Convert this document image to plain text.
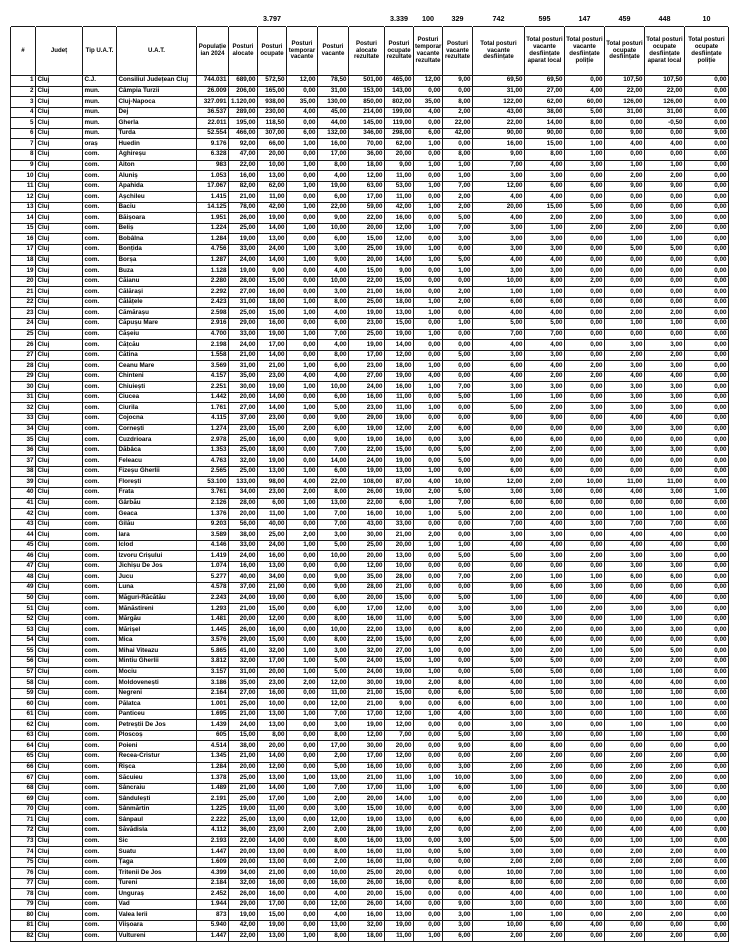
						3.797				3.339	100	329	742	595	147	459	448	10
#	Județ	Tip U.A.T.	U.A.T.	Populație ian 2024	Posturi alocate	Posturi ocupate	Posturi temporar vacante	Posturi vacante	Posturi alocate rezultate	Posturi ocupate rezultate	Posturi temporar vacante rezultate	Posturi vacante rezultate	Total posturi vacante desființate	Total posturi vacante desființate aparat local	Total posturi vacante desființate poliție	Total posturi ocupate desființate	Total posturi ocupate desființate aparat local	Total posturi ocupate desființate poliție
1	Cluj	C.J.	Consiliul Județean Cluj	744.031	689,00	572,50	12,00	78,50	501,00	465,00	12,00	9,00	69,50	69,50	0,00	107,50	107,50	0,00
2	Cluj	mun.	Câmpia Turzii	26.009	206,00	165,00	0,00	31,00	153,00	143,00	0,00	0,00	31,00	27,00	4,00	22,00	22,00	0,00
3	Cluj	mun.	Cluj-Napoca	327.091	1.120,00	938,00	35,00	130,00	850,00	802,00	35,00	8,00	122,00	62,00	60,00	126,00	126,00	0,00
4	Cluj	mun.	Dej	36.537	289,00	230,00	4,00	45,00	214,00	199,00	4,00	2,00	43,00	38,00	5,00	31,00	31,00	0,00
5	Cluj	mun.	Gherla	22.011	195,00	118,50	0,00	44,00	145,00	119,00	0,00	22,00	22,00	14,00	8,00	0,00	-0,50	0,00
6	Cluj	mun.	Turda	52.554	466,00	307,00	6,00	132,00	346,00	298,00	6,00	42,00	90,00	90,00	0,00	9,00	0,00	9,00
7	Cluj	oraș	Huedin	9.176	92,00	66,00	1,00	16,00	70,00	62,00	1,00	0,00	16,00	15,00	1,00	4,00	4,00	0,00
8	Cluj	com.	Aghireșu	6.328	47,00	20,00	0,00	17,00	36,00	20,00	0,00	8,00	9,00	8,00	1,00	0,00	0,00	0,00
9	Cluj	com.	Aiton	983	22,00	10,00	1,00	8,00	18,00	9,00	1,00	1,00	7,00	4,00	3,00	1,00	1,00	0,00
10	Cluj	com.	Aluniș	1.053	16,00	13,00	0,00	4,00	12,00	11,00	0,00	1,00	3,00	3,00	0,00	2,00	2,00	0,00
11	Cluj	com.	Apahida	17.067	82,00	62,00	1,00	19,00	63,00	53,00	1,00	7,00	12,00	6,00	6,00	9,00	9,00	0,00
12	Cluj	com.	Așchileu	1.415	21,00	11,00	0,00	6,00	17,00	11,00	0,00	2,00	4,00	4,00	0,00	0,00	0,00	0,00
13	Cluj	com.	Baciu	14.125	78,00	42,00	1,00	22,00	59,00	42,00	1,00	2,00	20,00	15,00	5,00	0,00	0,00	0,00
14	Cluj	com.	Băișoara	1.951	26,00	19,00	0,00	9,00	22,00	16,00	0,00	5,00	4,00	2,00	2,00	3,00	3,00	0,00
15	Cluj	com.	Beliș	1.224	25,00	14,00	1,00	10,00	20,00	12,00	1,00	7,00	3,00	1,00	2,00	2,00	2,00	0,00
16	Cluj	com.	Bobâlna	1.284	19,00	13,00	0,00	6,00	15,00	12,00	0,00	3,00	3,00	3,00	0,00	1,00	1,00	0,00
17	Cluj	com.	Bonțida	4.756	33,00	24,00	1,00	3,00	25,00	19,00	1,00	0,00	3,00	3,00	0,00	5,00	5,00	0,00
18	Cluj	com.	Borșa	1.287	24,00	14,00	1,00	9,00	20,00	14,00	1,00	5,00	4,00	4,00	0,00	0,00	0,00	0,00
19	Cluj	com.	Buza	1.128	19,00	9,00	0,00	4,00	15,00	9,00	0,00	1,00	3,00	3,00	0,00	0,00	0,00	0,00
20	Cluj	com.	Căianu	2.280	28,00	15,00	0,00	10,00	22,00	15,00	0,00	0,00	10,00	8,00	2,00	0,00	0,00	0,00
21	Cluj	com.	Călărași	2.292	27,00	16,00	0,00	3,00	21,00	16,00	0,00	2,00	1,00	1,00	0,00	0,00	0,00	0,00
22	Cluj	com.	Călățele	2.423	31,00	18,00	1,00	8,00	25,00	18,00	1,00	2,00	6,00	6,00	0,00	0,00	0,00	0,00
23	Cluj	com.	Cămărașu	2.598	25,00	15,00	1,00	4,00	19,00	13,00	1,00	0,00	4,00	4,00	0,00	2,00	2,00	0,00
24	Cluj	com.	Căpușu Mare	2.916	29,00	16,00	0,00	6,00	23,00	15,00	0,00	1,00	5,00	5,00	0,00	1,00	1,00	0,00
25	Cluj	com.	Cășeiu	4.700	33,00	19,00	1,00	7,00	25,00	19,00	1,00	0,00	7,00	7,00	0,00	0,00	0,00	0,00
26	Cluj	com.	Cățcău	2.198	24,00	17,00	0,00	4,00	19,00	14,00	0,00	0,00	4,00	4,00	0,00	3,00	3,00	0,00
27	Cluj	com.	Cătina	1.558	21,00	14,00	0,00	8,00	17,00	12,00	0,00	5,00	3,00	3,00	0,00	2,00	2,00	0,00
28	Cluj	com.	Ceanu Mare	3.569	31,00	21,00	1,00	6,00	23,00	18,00	1,00	0,00	6,00	4,00	2,00	3,00	3,00	0,00
29	Cluj	com.	Chinteni	4.157	35,00	23,00	4,00	4,00	27,00	19,00	4,00	0,00	4,00	2,00	2,00	4,00	4,00	0,00
30	Cluj	com.	Chiuiești	2.251	30,00	19,00	1,00	10,00	24,00	16,00	1,00	7,00	3,00	3,00	0,00	3,00	3,00	0,00
31	Cluj	com.	Ciucea	1.442	20,00	14,00	0,00	6,00	16,00	11,00	0,00	5,00	1,00	1,00	0,00	3,00	3,00	0,00
32	Cluj	com.	Ciurila	1.761	27,00	14,00	1,00	5,00	23,00	11,00	1,00	0,00	5,00	2,00	3,00	3,00	3,00	0,00
33	Cluj	com.	Cojocna	4.115	37,00	23,00	0,00	9,00	29,00	19,00	0,00	0,00	9,00	9,00	0,00	4,00	4,00	0,00
34	Cluj	com.	Cornești	1.274	23,00	15,00	2,00	6,00	19,00	12,00	2,00	6,00	0,00	0,00	0,00	3,00	3,00	0,00
35	Cluj	com.	Cuzdrioara	2.978	25,00	16,00	0,00	9,00	19,00	16,00	0,00	3,00	6,00	6,00	0,00	0,00	0,00	0,00
36	Cluj	com.	Dăbâca	1.353	25,00	18,00	0,00	7,00	22,00	15,00	0,00	5,00	2,00	2,00	0,00	3,00	3,00	0,00
37	Cluj	com.	Feleacu	4.763	32,00	19,00	0,00	14,00	24,00	19,00	0,00	5,00	9,00	9,00	0,00	0,00	0,00	0,00
38	Cluj	com.	Fizeșu Gherlii	2.565	25,00	13,00	1,00	6,00	19,00	13,00	1,00	0,00	6,00	6,00	0,00	0,00	0,00	0,00
39	Cluj	com.	Florești	53.100	133,00	98,00	4,00	22,00	108,00	87,00	4,00	10,00	12,00	2,00	10,00	11,00	11,00	0,00
40	Cluj	com.	Frata	3.761	34,00	23,00	2,00	8,00	26,00	19,00	2,00	5,00	3,00	3,00	0,00	4,00	3,00	1,00
41	Cluj	com.	Gârbău	2.126	28,00	6,00	1,00	13,00	22,00	6,00	1,00	7,00	6,00	6,00	0,00	0,00	0,00	0,00
42	Cluj	com.	Geaca	1.376	20,00	11,00	1,00	7,00	16,00	10,00	1,00	5,00	2,00	2,00	0,00	1,00	1,00	0,00
43	Cluj	com.	Gilău	9.203	56,00	40,00	0,00	7,00	43,00	33,00	0,00	0,00	7,00	4,00	3,00	7,00	7,00	0,00
44	Cluj	com.	Iara	3.589	38,00	25,00	2,00	3,00	30,00	21,00	2,00	0,00	3,00	3,00	0,00	4,00	4,00	0,00
45	Cluj	com.	Iclod	4.146	33,00	24,00	1,00	5,00	25,00	20,00	1,00	1,00	4,00	4,00	0,00	4,00	4,00	0,00
46	Cluj	com.	Izvoru Crișului	1.419	24,00	16,00	0,00	10,00	20,00	13,00	0,00	5,00	5,00	3,00	2,00	3,00	3,00	0,00
47	Cluj	com.	Jichișu De Jos	1.074	16,00	13,00	0,00	0,00	12,00	10,00	0,00	0,00	0,00	0,00	0,00	3,00	3,00	0,00
48	Cluj	com.	Jucu	5.277	40,00	34,00	0,00	9,00	35,00	28,00	0,00	7,00	2,00	1,00	1,00	6,00	6,00	0,00
49	Cluj	com.	Luna	4.578	37,00	21,00	0,00	9,00	28,00	21,00	0,00	0,00	9,00	6,00	3,00	0,00	0,00	0,00
50	Cluj	com.	Măguri-Răcătău	2.243	24,00	19,00	0,00	6,00	20,00	15,00	0,00	5,00	1,00	1,00	0,00	4,00	4,00	0,00
51	Cluj	com.	Mănăstireni	1.293	21,00	15,00	0,00	6,00	17,00	12,00	0,00	3,00	3,00	1,00	2,00	3,00	3,00	0,00
52	Cluj	com.	Mărgău	1.481	20,00	12,00	0,00	8,00	16,00	11,00	0,00	5,00	3,00	3,00	0,00	1,00	1,00	0,00
53	Cluj	com.	Mărișel	1.445	26,00	16,00	0,00	10,00	22,00	13,00	0,00	8,00	2,00	2,00	0,00	3,00	3,00	0,00
54	Cluj	com.	Mica	3.576	29,00	15,00	0,00	8,00	22,00	15,00	0,00	2,00	6,00	6,00	0,00	0,00	0,00	0,00
55	Cluj	com.	Mihai Viteazu	5.865	41,00	32,00	1,00	3,00	32,00	27,00	1,00	0,00	3,00	2,00	1,00	5,00	5,00	0,00
56	Cluj	com.	Mintiu Gherlii	3.812	32,00	17,00	1,00	5,00	24,00	15,00	1,00	0,00	5,00	5,00	0,00	2,00	2,00	0,00
57	Cluj	com.	Mociu	3.157	31,00	20,00	1,00	5,00	24,00	19,00	1,00	0,00	5,00	5,00	0,00	1,00	1,00	0,00
58	Cluj	com.	Moldovenești	3.186	35,00	23,00	2,00	12,00	30,00	19,00	2,00	8,00	4,00	1,00	3,00	4,00	4,00	0,00
59	Cluj	com.	Negreni	2.164	27,00	16,00	0,00	11,00	21,00	15,00	0,00	6,00	5,00	5,00	0,00	1,00	1,00	0,00
60	Cluj	com.	Pălatca	1.001	25,00	10,00	0,00	12,00	21,00	9,00	0,00	6,00	6,00	3,00	3,00	1,00	1,00	0,00
61	Cluj	com.	Panticeu	1.695	21,00	13,00	1,00	7,00	17,00	12,00	1,00	4,00	3,00	3,00	0,00	1,00	1,00	0,00
62	Cluj	com.	Petreștii De Jos	1.439	24,00	13,00	0,00	3,00	19,00	12,00	0,00	0,00	3,00	3,00	0,00	1,00	1,00	0,00
63	Cluj	com.	Ploscoș	605	15,00	8,00	0,00	8,00	12,00	7,00	0,00	5,00	3,00	3,00	0,00	1,00	1,00	0,00
64	Cluj	com.	Poieni	4.514	38,00	20,00	0,00	17,00	30,00	20,00	0,00	9,00	8,00	8,00	0,00	0,00	0,00	0,00
65	Cluj	com.	Recea-Cristur	1.345	21,00	14,00	0,00	2,00	17,00	12,00	0,00	0,00	2,00	2,00	0,00	2,00	2,00	0,00
66	Cluj	com.	Rișca	1.284	20,00	12,00	0,00	5,00	16,00	10,00	0,00	3,00	2,00	2,00	0,00	2,00	2,00	0,00
67	Cluj	com.	Săcuieu	1.378	25,00	13,00	1,00	13,00	21,00	11,00	1,00	10,00	3,00	3,00	0,00	2,00	2,00	0,00
68	Cluj	com.	Sâncraiu	1.489	21,00	14,00	1,00	7,00	17,00	11,00	1,00	6,00	1,00	1,00	0,00	3,00	3,00	0,00
69	Cluj	com.	Sândulești	2.191	25,00	17,00	1,00	2,00	20,00	14,00	1,00	0,00	2,00	1,00	1,00	3,00	3,00	0,00
70	Cluj	com.	Sânmărtin	1.225	19,00	11,00	0,00	3,00	15,00	10,00	0,00	0,00	3,00	3,00	0,00	1,00	1,00	0,00
71	Cluj	com.	Sânpaul	2.222	25,00	13,00	0,00	12,00	19,00	13,00	0,00	6,00	6,00	6,00	0,00	0,00	0,00	0,00
72	Cluj	com.	Săvădisla	4.112	36,00	23,00	2,00	2,00	28,00	19,00	2,00	0,00	2,00	2,00	0,00	4,00	4,00	0,00
73	Cluj	com.	Sic	2.193	22,00	14,00	0,00	8,00	16,00	13,00	0,00	3,00	5,00	5,00	0,00	1,00	1,00	0,00
74	Cluj	com.	Suatu	1.447	20,00	13,00	0,00	8,00	16,00	11,00	0,00	5,00	3,00	3,00	0,00	2,00	2,00	0,00
75	Cluj	com.	Țaga	1.609	20,00	13,00	0,00	2,00	16,00	11,00	0,00	0,00	2,00	2,00	0,00	2,00	2,00	0,00
76	Cluj	com.	Tritenii De Jos	4.399	34,00	21,00	0,00	10,00	25,00	20,00	0,00	0,00	10,00	7,00	3,00	1,00	1,00	0,00
77	Cluj	com.	Tureni	2.184	32,00	16,00	0,00	16,00	26,00	16,00	0,00	8,00	8,00	6,00	2,00	0,00	0,00	0,00
78	Cluj	com.	Unguraș	2.452	26,00	16,00	0,00	4,00	20,00	15,00	0,00	0,00	4,00	4,00	0,00	1,00	1,00	0,00
79	Cluj	com.	Vad	1.944	29,00	17,00	0,00	12,00	26,00	14,00	0,00	9,00	3,00	0,00	3,00	3,00	3,00	0,00
80	Cluj	com.	Valea Ierii	873	19,00	15,00	0,00	4,00	16,00	13,00	0,00	3,00	1,00	1,00	0,00	2,00	2,00	0,00
81	Cluj	com.	Viișoara	5.940	42,00	19,00	0,00	13,00	32,00	19,00	0,00	3,00	10,00	6,00	4,00	0,00	0,00	0,00
82	Cluj	com.	Vultureni	1.447	22,00	13,00	1,00	8,00	18,00	11,00	1,00	6,00	2,00	2,00	0,00	2,00	2,00	0,00
